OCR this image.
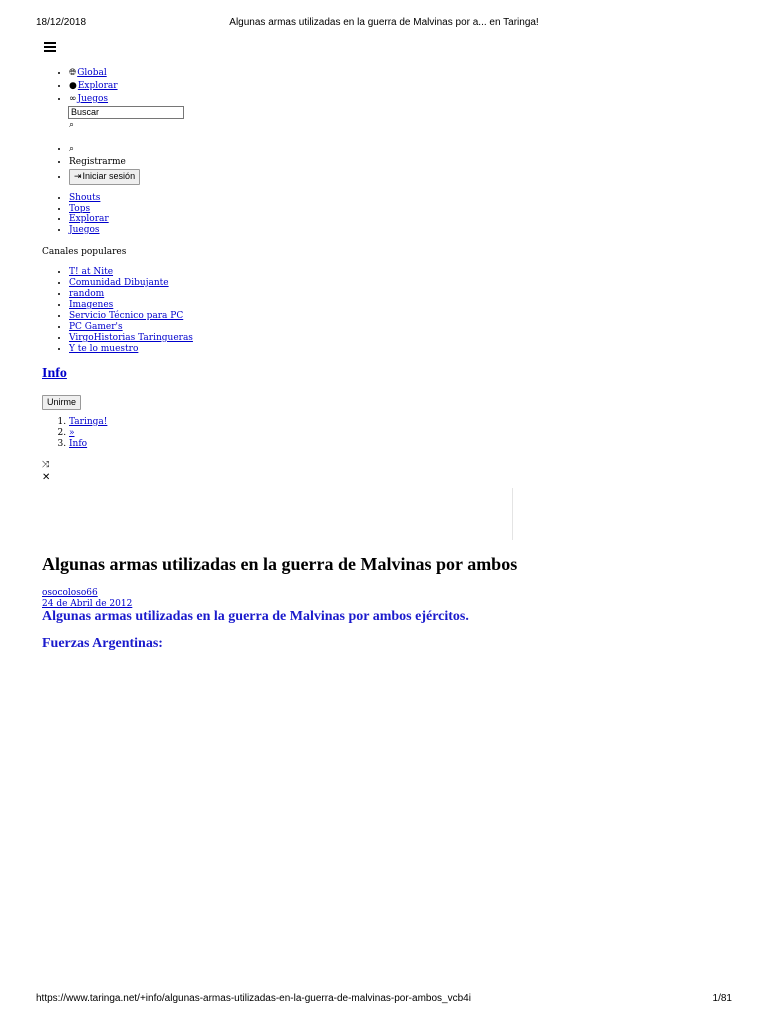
18/12/2018	Algunas armas utilizadas en la guerra de Malvinas por a... en Taringa!
• 🌐︎Global
• ●Explorar
• ∞Juegos
Buscar
⌕
• ⌕
• Registrarme
• ⇥Iniciar sesión
• Shouts
• Tops
• Explorar
• Juegos
Canales populares
• T! at Nite
• Comunidad Dibujante
• random
• Imagenes
• Servicio Técnico para PC
• PC Gamer's
• VirgoHistorias Taringueras
• Y te lo muestro
Info
Unirme
1. Taringa!
2. »
3. Info
⤨
✕
Algunas armas utilizadas en la guerra de Malvinas por ambos
osocoloso66
24 de Abril de 2012
Algunas armas utilizadas en la guerra de Malvinas por ambos ejércitos.
Fuerzas Argentinas:
https://www.taringa.net/+info/algunas-armas-utilizadas-en-la-guerra-de-malvinas-por-ambos_vcb4i	1/81
